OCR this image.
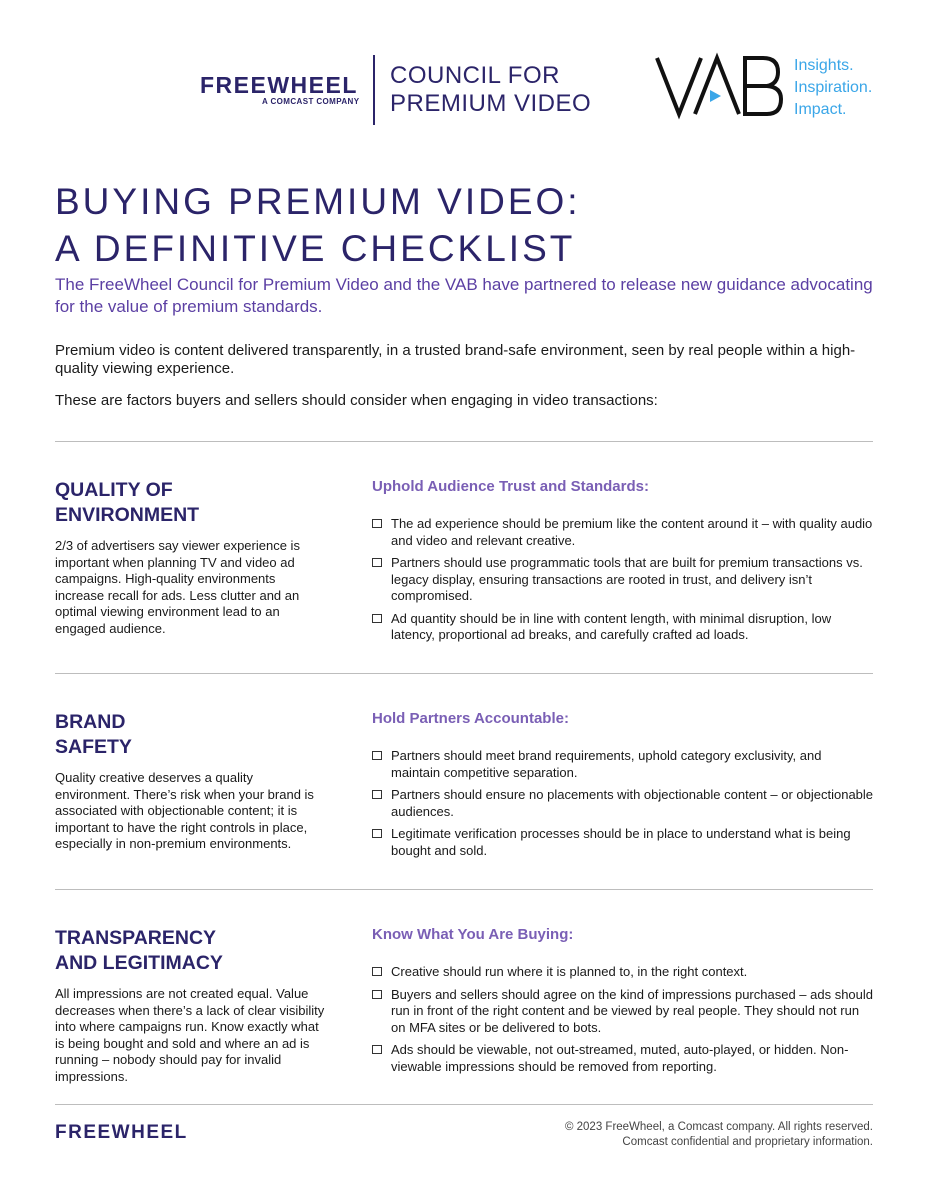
FREEWHEEL
A COMCAST COMPANY
COUNCIL FOR
PREMIUM VIDEO
Insights.
Inspiration.
Impact.
BUYING PREMIUM VIDEO:
A DEFINITIVE CHECKLIST

The FreeWheel Council for Premium Video and the VAB have partnered to release new guidance advocating for the value of premium standards.

Premium video is content delivered transparently, in a trusted brand-safe environment, seen by real people within a high-quality viewing experience.

These are factors buyers and sellers should consider when engaging in video transactions:

QUALITY OF
ENVIRONMENT

2/3 of advertisers say viewer experience is important when planning TV and video ad campaigns. High-quality environments increase recall for ads. Less clutter and an optimal viewing environment lead to an engaged audience.

Uphold Audience Trust and Standards:
The ad experience should be premium like the content around it – with quality audio and video and relevant creative.
Partners should use programmatic tools that are built for premium transactions vs. legacy display, ensuring transactions are rooted in trust, and delivery isn’t compromised.
Ad quantity should be in line with content length, with minimal disruption, low latency, proportional ad breaks, and carefully crafted ad loads.
BRAND
SAFETY

Quality creative deserves a quality environment. There’s risk when your brand is associated with objectionable content; it is important to have the right controls in place, especially in non-premium environments.

Hold Partners Accountable:
Partners should meet brand requirements, uphold category exclusivity, and maintain competitive separation.
Partners should ensure no placements with objectionable content – or objectionable audiences.
Legitimate verification processes should be in place to understand what is being bought and sold.
TRANSPARENCY
AND LEGITIMACY

All impressions are not created equal. Value decreases when there’s a lack of clear visibility into where campaigns run. Know exactly what is being bought and sold and where an ad is running – nobody should pay for invalid impressions.

Know What You Are Buying:
Creative should run where it is planned to, in the right context.
Buyers and sellers should agree on the kind of impressions purchased – ads should run in front of the right content and be viewed by real people. They should not run on MFA sites or be delivered to bots.
Ads should be viewable, not out-streamed, muted, auto-played, or hidden. Non-viewable impressions should be removed from reporting.
FREEWHEEL	© 2023 FreeWheel, a Comcast company. All rights reserved.
Comcast confidential and proprietary information.
